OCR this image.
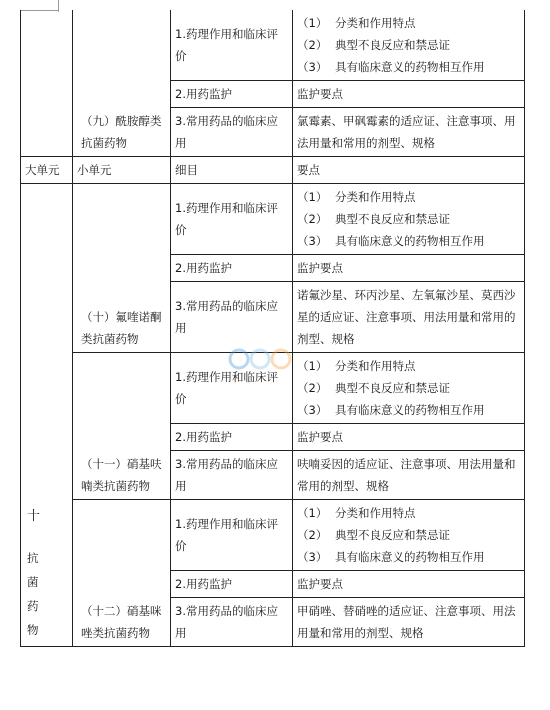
	（九）酰胺醇类抗菌药物	1.药理作用和临床评价	（1） 分类和作用特点
（2） 典型不良反应和禁忌证
（3） 具有临床意义的药物相互作用

		2.用药监护	监护要点
		3.常用药品的临床应用	氯霉素、甲砜霉素的适应证、注意事项、用法用量和常用的剂型、规格
大单元	小单元	细目	要点

十
抗
菌
药
物	（十）氟喹诺酮类抗菌药物	1.药理作用和临床评价	（1） 分类和作用特点
（2） 典型不良反应和禁忌证
（3） 具有临床意义的药物相互作用

		2.用药监护	监护要点
		3.常用药品的临床应用	诺氟沙星、环丙沙星、左氧氟沙星、莫西沙星的适应证、注意事项、用法用量和常用的剂型、规格

	（十一）硝基呋喃类抗菌药物	1.药理作用和临床评价	（1） 分类和作用特点
（2） 典型不良反应和禁忌证
（3） 具有临床意义的药物相互作用

		2.用药监护	监护要点
		3.常用药品的临床应用	呋喃妥因的适应证、注意事项、用法用量和常用的剂型、规格

	（十二）硝基咪唑类抗菌药物	1.药理作用和临床评价	（1） 分类和作用特点
（2） 典型不良反应和禁忌证
（3） 具有临床意义的药物相互作用

		2.用药监护	监护要点
		3.常用药品的临床应用	甲硝唑、替硝唑的适应证、注意事项、用法用量和常用的剂型、规格
